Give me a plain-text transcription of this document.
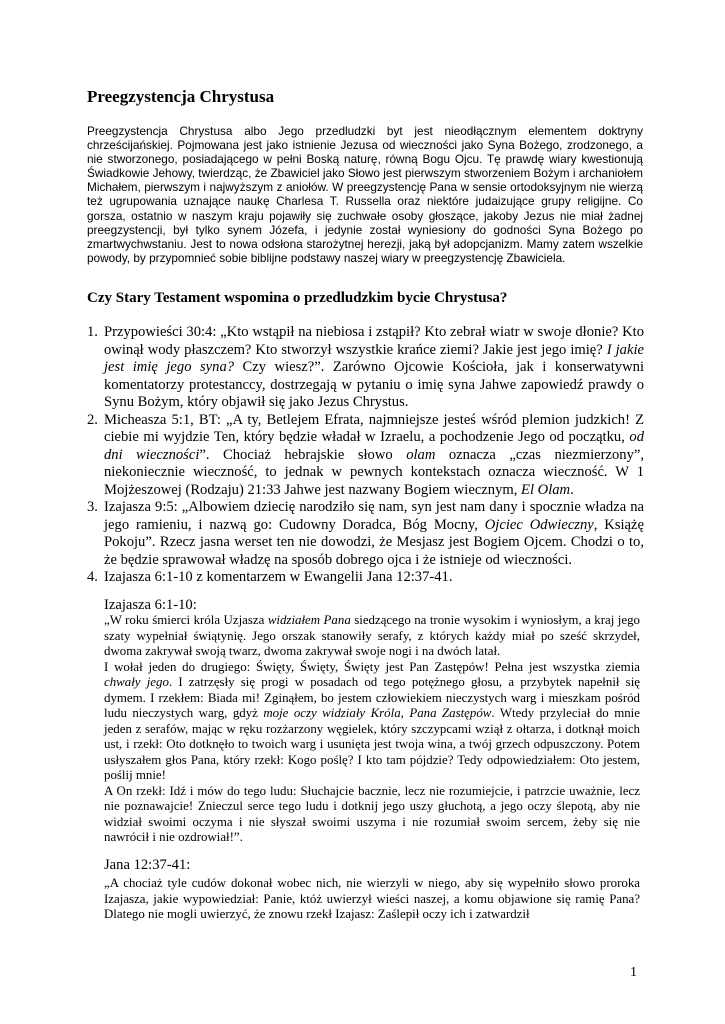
Preegzystencja Chrystusa

Preegzystencja Chrystusa albo Jego przedludzki byt jest nieodłącznym elementem doktryny chrześcijańskiej. Pojmowana jest jako istnienie Jezusa od wieczności jako Syna Bożego, zrodzonego, a nie stworzonego, posiadającego w pełni Boską naturę, równą Bogu Ojcu. Tę prawdę wiary kwestionują Świadkowie Jehowy, twierdząc, że Zbawiciel jako Słowo jest pierwszym stworzeniem Bożym i archaniołem Michałem, pierwszym i najwyższym z aniołów. W preegzystencję Pana w sensie ortodoksyjnym nie wierzą też ugrupowania uznające naukę Charlesa T. Russella oraz niektóre judaizujące grupy religijne. Co gorsza, ostatnio w naszym kraju pojawiły się zuchwałe osoby głoszące, jakoby Jezus nie miał żadnej preegzystencji, był tylko synem Józefa, i jedynie został wyniesiony do godności Syna Bożego po zmartwychwstaniu. Jest to nowa odsłona starożytnej herezji, jaką był adopcjanizm. Mamy zatem wszelkie powody, by przypomnieć sobie biblijne podstawy naszej wiary w preegzystencję Zbawiciela.

Czy Stary Testament wspomina o przedludzkim bycie Chrystusa?
1. Przypowieści 30:4: „Kto wstąpił na niebiosa i zstąpił? Kto zebrał wiatr w swoje dłonie? Kto owinął wody płaszczem? Kto stworzył wszystkie krańce ziemi? Jakie jest jego imię? I jakie jest imię jego syna? Czy wiesz?”. Zarówno Ojcowie Kościoła, jak i konserwatywni komentatorzy protestanccy, dostrzegają w pytaniu o imię syna Jahwe zapowiedź prawdy o Synu Bożym, który objawił się jako Jezus Chrystus.
2. Micheasza 5:1, BT: „A ty, Betlejem Efrata, najmniejsze jesteś wśród plemion judzkich! Z ciebie mi wyjdzie Ten, który będzie władał w Izraelu, a pochodzenie Jego od początku, od dni wieczności”. Chociaż hebrajskie słowo olam oznacza „czas niezmierzony”, niekoniecznie wieczność, to jednak w pewnych kontekstach oznacza wieczność. W 1 Mojżeszowej (Rodzaju) 21:33 Jahwe jest nazwany Bogiem wiecznym, El Olam.
3. Izajasza 9:5: „Albowiem dziecię narodziło się nam, syn jest nam dany i spocznie władza na jego ramieniu, i nazwą go: Cudowny Doradca, Bóg Mocny, Ojciec Odwieczny, Książę Pokoju”. Rzecz jasna werset ten nie dowodzi, że Mesjasz jest Bogiem Ojcem. Chodzi o to, że będzie sprawował władzę na sposób dobrego ojca i że istnieje od wieczności.
4. Izajasza 6:1-10 z komentarzem w Ewangelii Jana 12:37-41.

Izajasza 6:1-10:

„W roku śmierci króla Uzjasza widziałem Pana siedzącego na tronie wysokim i wyniosłym, a kraj jego szaty wypełniał świątynię. Jego orszak stanowiły serafy, z których każdy miał po sześć skrzydeł, dwoma zakrywał swoją twarz, dwoma zakrywał swoje nogi i na dwóch latał.

I wołał jeden do drugiego: Święty, Święty, Święty jest Pan Zastępów! Pełna jest wszystka ziemia chwały jego. I zatrzęsły się progi w posadach od tego potężnego głosu, a przybytek napełnił się dymem. I rzekłem: Biada mi! Zginąłem, bo jestem człowiekiem nieczystych warg i mieszkam pośród ludu nieczystych warg, gdyż moje oczy widziały Króla, Pana Zastępów. Wtedy przyleciał do mnie jeden z serafów, mając w ręku rozżarzony węgielek, który szczypcami wziął z ołtarza, i dotknął moich ust, i rzekł: Oto dotknęło to twoich warg i usunięta jest twoja wina, a twój grzech odpuszczony. Potem usłyszałem głos Pana, który rzekł: Kogo poślę? I kto tam pójdzie? Tedy odpowiedziałem: Oto jestem, poślij mnie!

A On rzekł: Idź i mów do tego ludu: Słuchajcie bacznie, lecz nie rozumiejcie, i patrzcie uważnie, lecz nie poznawajcie! Znieczul serce tego ludu i dotknij jego uszy głuchotą, a jego oczy ślepotą, aby nie widział swoimi oczyma i nie słyszał swoimi uszyma i nie rozumiał swoim sercem, żeby się nie nawrócił i nie ozdrowiał!”.

Jana 12:37-41:

„A chociaż tyle cudów dokonał wobec nich, nie wierzyli w niego, aby się wypełniło słowo proroka Izajasza, jakie wypowiedział: Panie, któż uwierzył wieści naszej, a komu objawione się ramię Pana? Dlatego nie mogli uwierzyć, że znowu rzekł Izajasz: Zaślepił oczy ich i zatwardził

1
